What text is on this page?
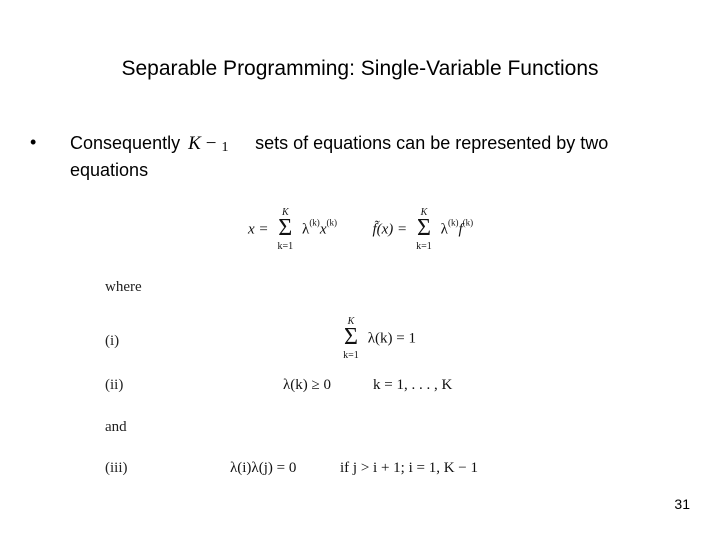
Separable Programming: Single-Variable Functions
• Consequently K − 1 sets of equations can be represented by two equations
x =
K
Σ
k=1
$\lambda^{(k)}x^{(k)}$ f̃(x) =
K
Σ
k=1
$\lambda^{(k)}f^{(k)}$
where
(i)
K
Σ
k=1
λ(k) = 1
(ii)	λ(k) ≥ 0	k = 1, . . . , K
and
(iii)	λ(i)λ(j) = 0	if j > i + 1; i = 1, K − 1
31
